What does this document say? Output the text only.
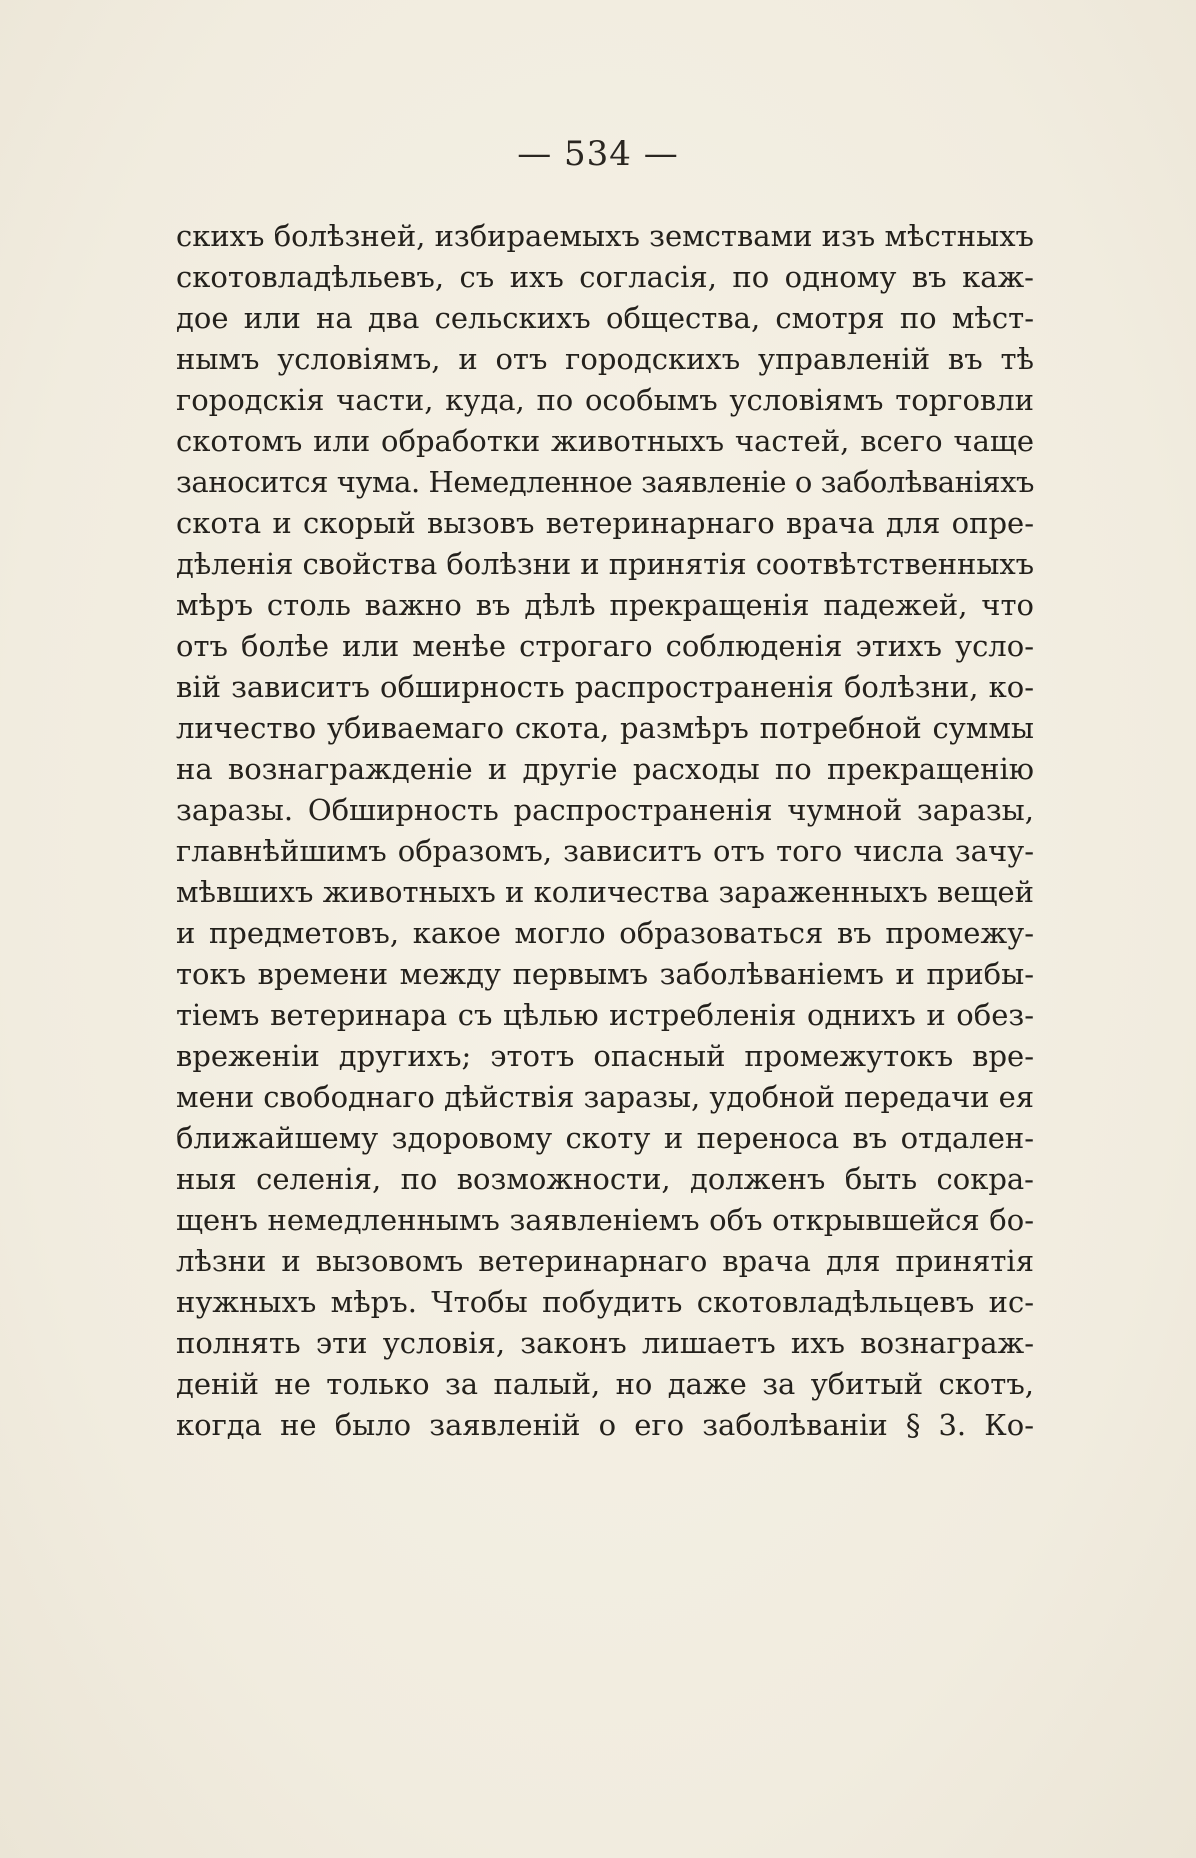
— 534 —
скихъ болѣзней, избираемыхъ земствами изъ мѣстныхъ
скотовладѣльевъ, съ ихъ согласія, по одному въ каж-
дое или на два сельскихъ общества, смотря по мѣст-
нымъ условіямъ, и отъ городскихъ управленій въ тѣ
городскія части, куда, по особымъ условіямъ торговли
скотомъ или обработки животныхъ частей, всего чаще
заносится чума. Немедленное заявленіе о заболѣваніяхъ
скота и скорый вызовъ ветеринарнаго врача для опре-
дѣленія свойства болѣзни и принятія соотвѣтственныхъ
мѣръ столь важно въ дѣлѣ прекращенія падежей, что
отъ болѣе или менѣе строгаго соблюденія этихъ усло-
вій зависитъ обширность распространенія болѣзни, ко-
личество убиваемаго скота, размѣръ потребной суммы
на вознагражденіе и другіе расходы по прекращенію
заразы. Обширность распространенія чумной заразы,
главнѣйшимъ образомъ, зависитъ отъ того числа зачу-
мѣвшихъ животныхъ и количества зараженныхъ вещей
и предметовъ, какое могло образоваться въ промежу-
токъ времени между первымъ заболѣваніемъ и прибы-
тіемъ ветеринара съ цѣлью истребленія однихъ и обез-
вреженіи другихъ; этотъ опасный промежутокъ вре-
мени свободнаго дѣйствія заразы, удобной передачи ея
ближайшему здоровому скоту и переноса въ отдален-
ныя селенія, по возможности, долженъ быть сокра-
щенъ немедленнымъ заявленіемъ объ открывшейся бо-
лѣзни и вызовомъ ветеринарнаго врача для принятія
нужныхъ мѣръ. Чтобы побудить скотовладѣльцевъ ис-
полнять эти условія, законъ лишаетъ ихъ вознаграж-
деній не только за палый, но даже за убитый скотъ,
когда не было заявленій о его заболѣваніи § 3. Ко-
